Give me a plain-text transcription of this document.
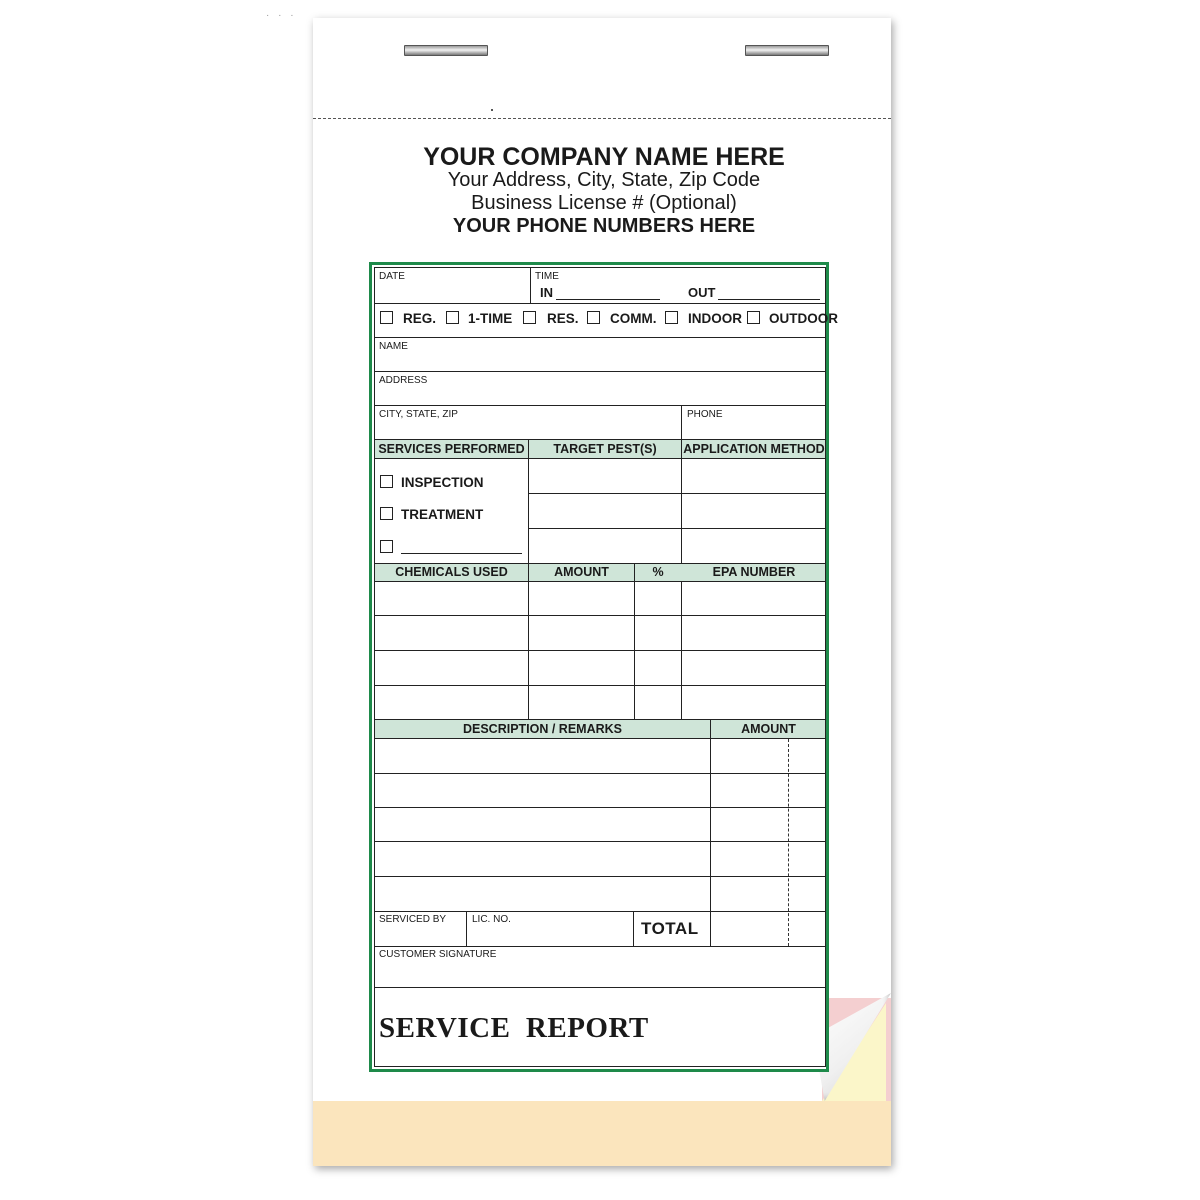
· · ·
YOUR COMPANY NAME HERE
Your Address, City, State, Zip Code
Business License # (Optional)
YOUR PHONE NUMBERS HERE
DATE	TIME
IN	OUT
REG. 1-TIME	RES. COMM. INDOOR OUTDOOR
NAME
ADDRESS
CITY, STATE, ZIP	PHONE
SERVICES PERFORMED	TARGET PEST(S)	APPLICATION METHOD
INSPECTION
TREATMENT
CHEMICALS USED	AMOUNT	%	EPA NUMBER
DESCRIPTION / REMARKS	AMOUNT
SERVICED BY	LIC. NO.	TOTAL
CUSTOMER SIGNATURE
SERVICE  REPORT
